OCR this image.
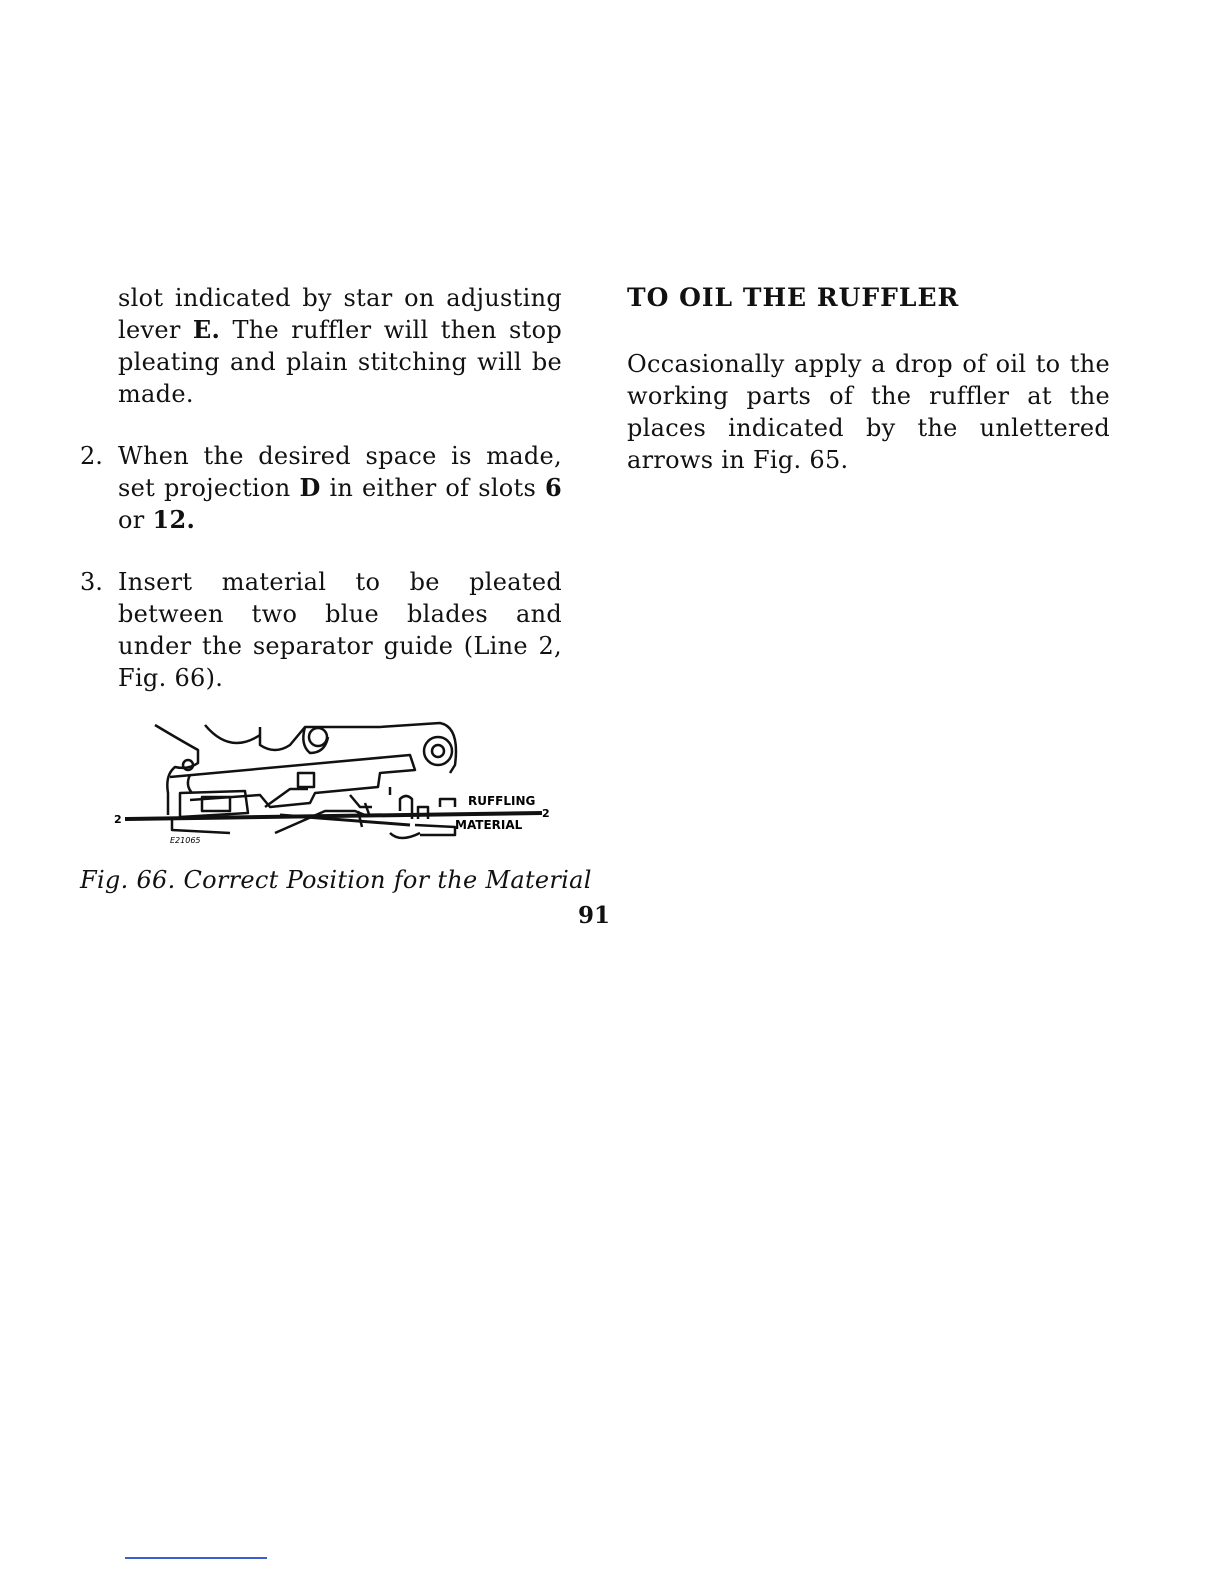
slot indicated by star on adjusting lever E. The ruffler will then stop pleating and plain stitching will be made.

2. When the desired space is made, set projection D in either of slots 6 or 12.

3. Insert material to be pleated between two blue blades and under the separator guide (Line 2, Fig. 66).

RUFFLING
MATERIAL
2	2
E21065
Fig. 66. Correct Position for the Material
TO OIL THE RUFFLER

Occasionally apply a drop of oil to the working parts of the ruffler at the places indicated by the unlettered arrows in Fig. 65.

91
